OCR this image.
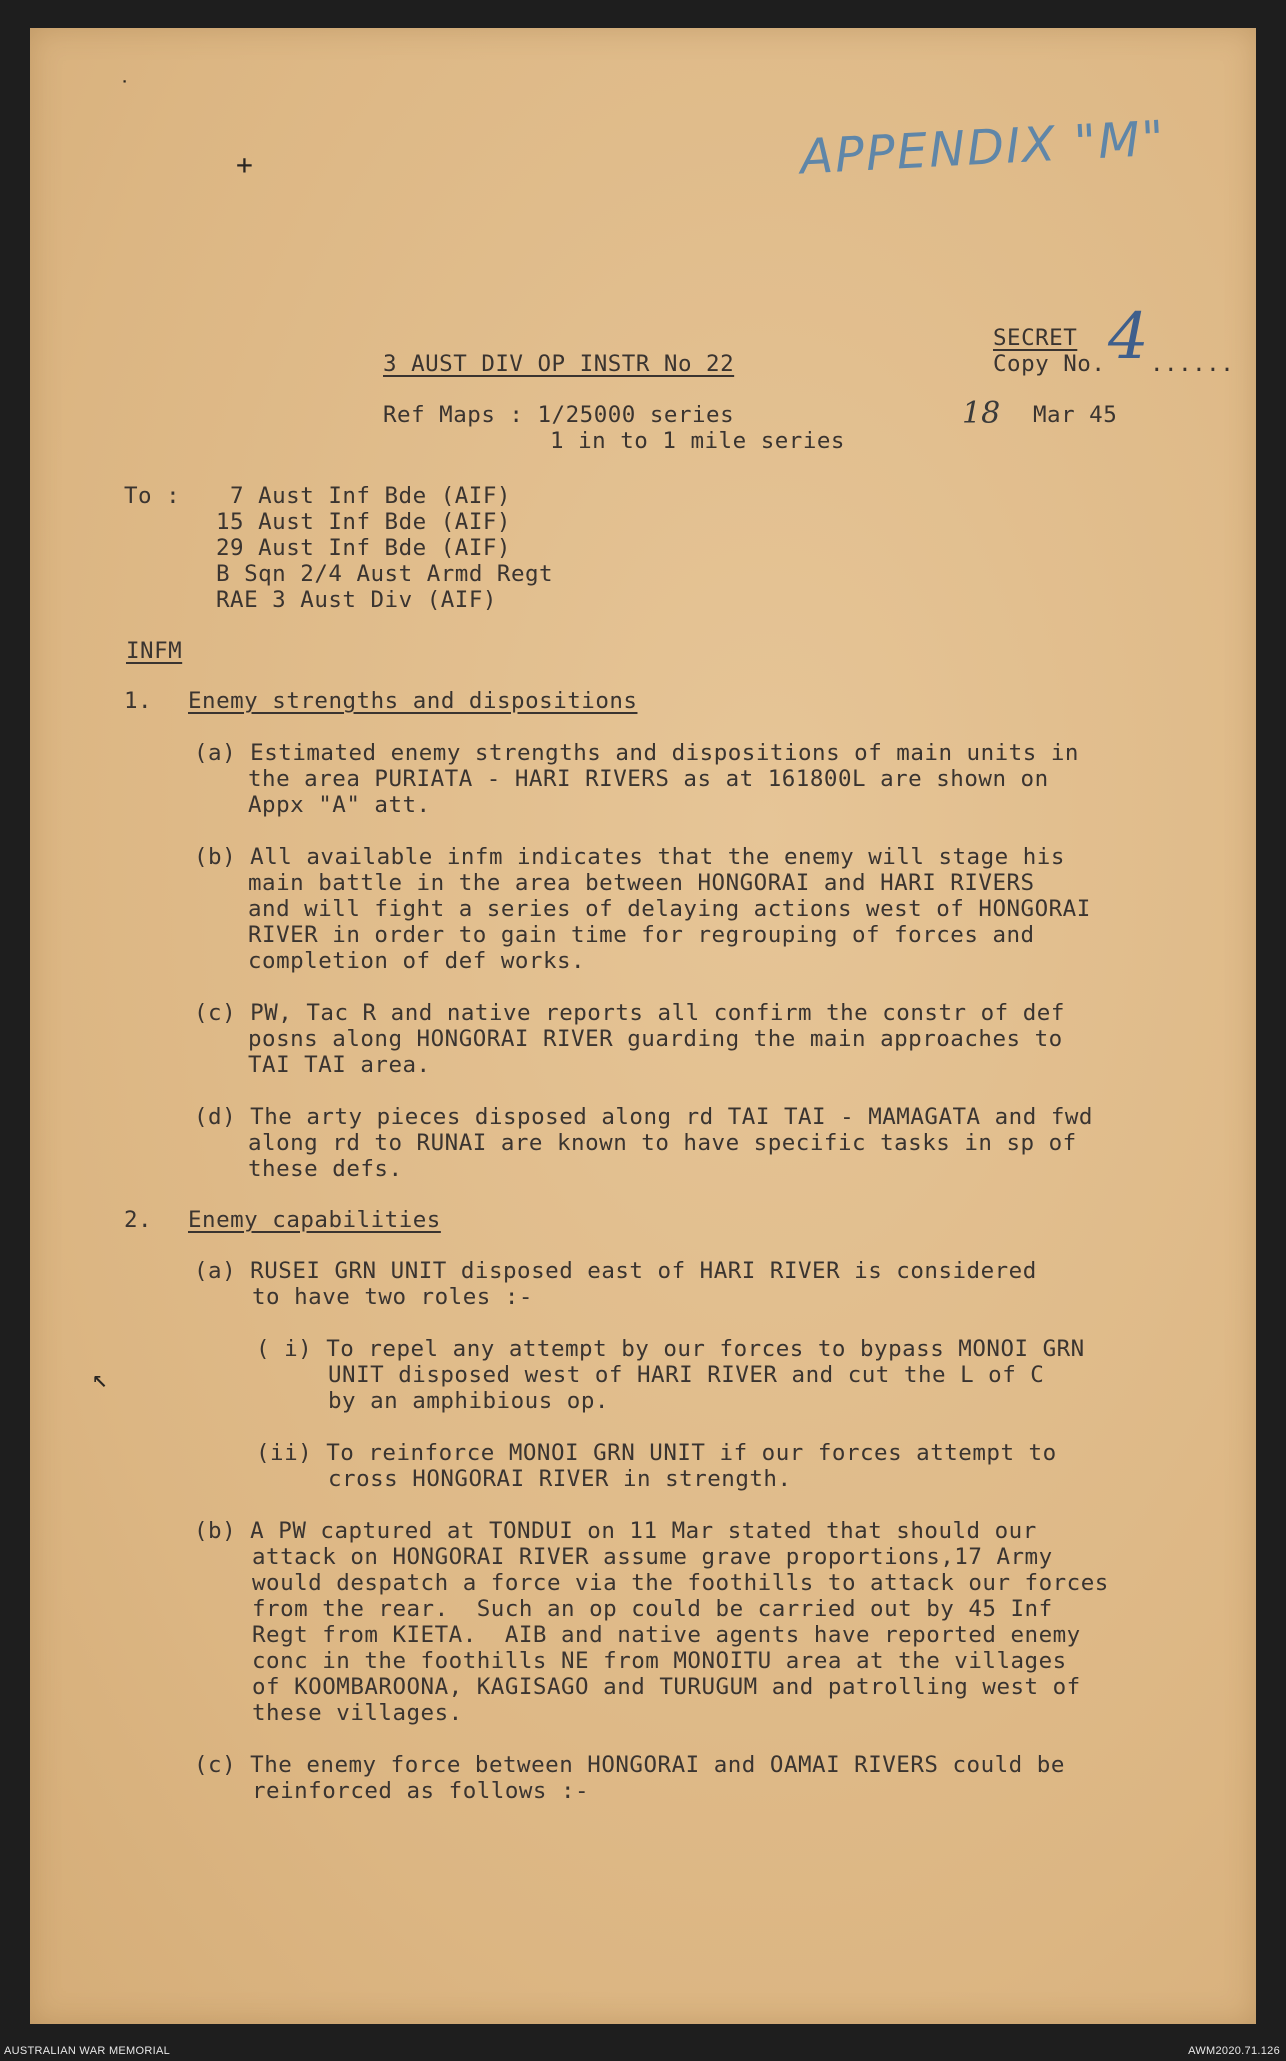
APPENDIX "M"
4
18
˙
+
↖
SECRET
Copy No. ......
3 AUST DIV OP INSTR No 22
Ref Maps : 1/25000 series
1 in to 1 mile series
Mar 45
To : 7 Aust Inf Bde (AIF)
15 Aust Inf Bde (AIF)
29 Aust Inf Bde (AIF)
B Sqn 2/4 Aust Armd Regt
RAE 3 Aust Div (AIF)
INFM
1. Enemy strengths and dispositions
(a) Estimated enemy strengths and dispositions of main units in
the area PURIATA - HARI RIVERS as at 161800L are shown on
Appx "A" att.
(b) All available infm indicates that the enemy will stage his
main battle in the area between HONGORAI and HARI RIVERS
and will fight a series of delaying actions west of HONGORAI
RIVER in order to gain time for regrouping of forces and
completion of def works.
(c) PW, Tac R and native reports all confirm the constr of def
posns along HONGORAI RIVER guarding the main approaches to
TAI TAI area.
(d) The arty pieces disposed along rd TAI TAI - MAMAGATA and fwd
along rd to RUNAI are known to have specific tasks in sp of
these defs.
2. Enemy capabilities
(a) RUSEI GRN UNIT disposed east of HARI RIVER is considered
to have two roles :-
( i) To repel any attempt by our forces to bypass MONOI GRN
UNIT disposed west of HARI RIVER and cut the L of C
by an amphibious op.
(ii) To reinforce MONOI GRN UNIT if our forces attempt to
cross HONGORAI RIVER in strength.
(b) A PW captured at TONDUI on 11 Mar stated that should our
attack on HONGORAI RIVER assume grave proportions,17 Army
would despatch a force via the foothills to attack our forces
from the rear.  Such an op could be carried out by 45 Inf
Regt from KIETA.  AIB and native agents have reported enemy
conc in the foothills NE from MONOITU area at the villages
of KOOMBAROONA, KAGISAGO and TURUGUM and patrolling west of
these villages.
(c) The enemy force between HONGORAI and OAMAI RIVERS could be
reinforced as follows :-
AUSTRALIAN WAR MEMORIAL	AWM2020.71.126
